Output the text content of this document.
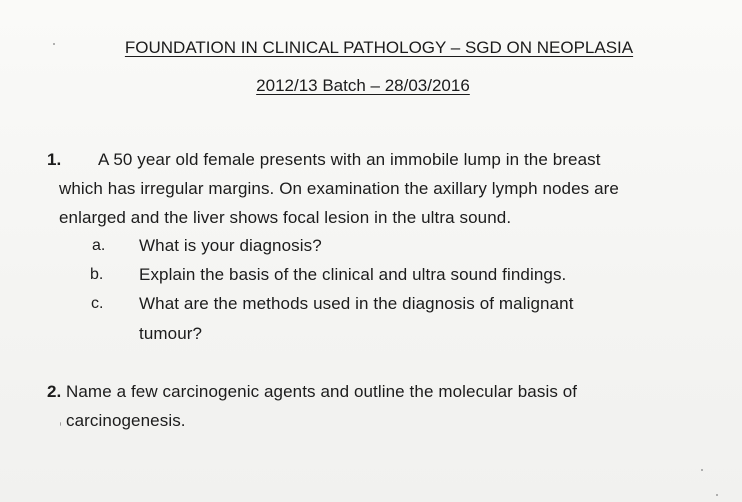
FOUNDATION IN CLINICAL PATHOLOGY – SGD ON NEOPLASIA
2012/13 Batch – 28/03/2016
1. A 50 year old female presents with an immobile lump in the breast
which has irregular margins. On examination the axillary lymph nodes are
enlarged and the liver shows focal lesion in the ultra sound.
a. What is your diagnosis?
b. Explain the basis of the clinical and ultra sound findings.
c. What are the methods used in the diagnosis of malignant
tumour?
2. Name a few carcinogenic agents and outline the molecular basis of
carcinogenesis.
